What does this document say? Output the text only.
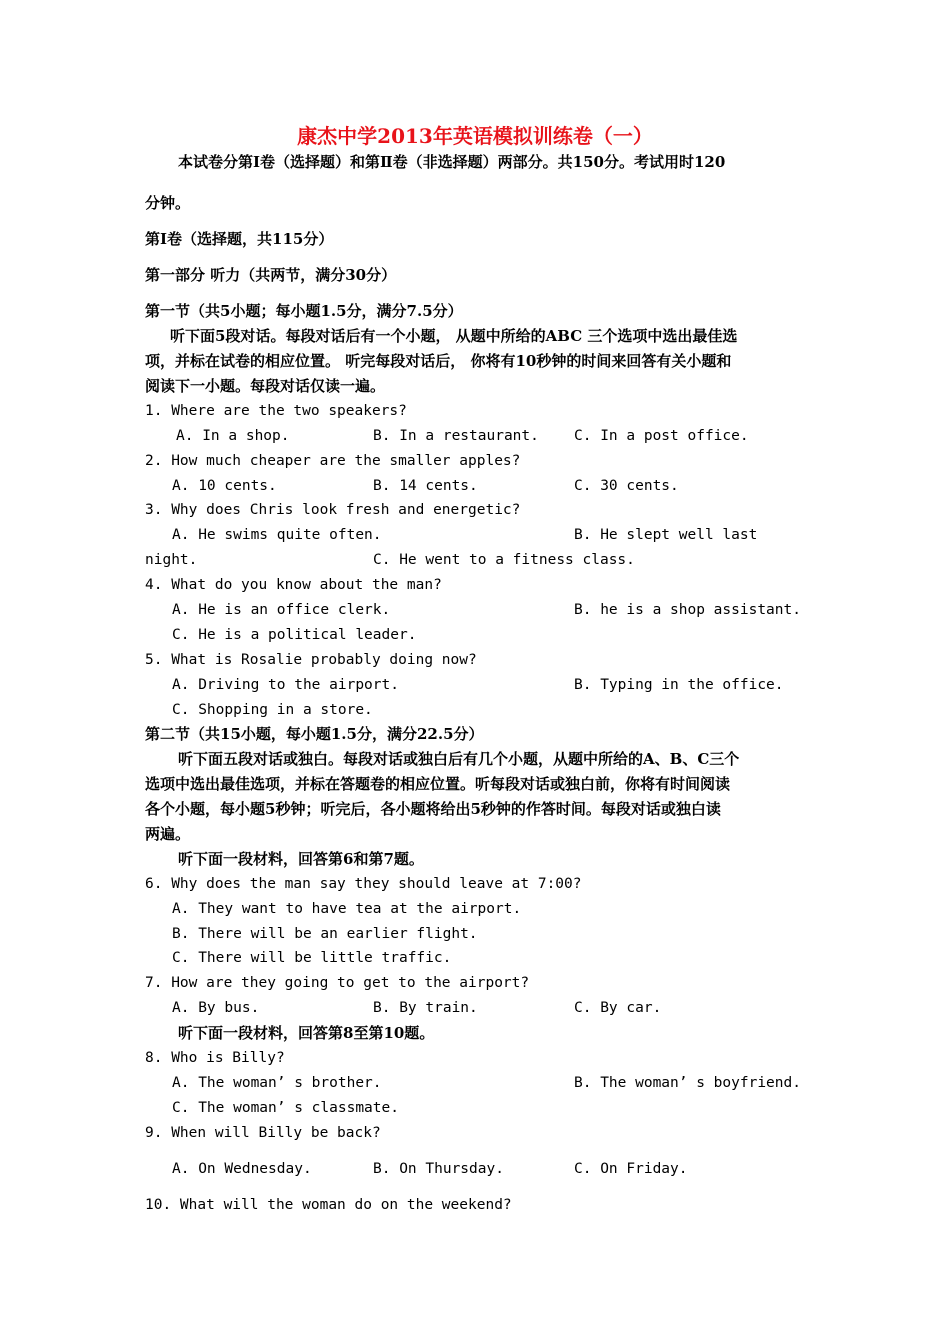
康杰中学2013年英语模拟训练卷（一）
本试卷分第Ⅰ卷（选择题）和第Ⅱ卷（非选择题）两部分。共150分。考试用时120
分钟。
第Ⅰ卷（选择题，共115分）
第一部分 听力（共两节，满分30分）
第一节（共5小题；每小题1.5分，满分7.5分）
听下面5段对话。每段对话后有一个小题， 从题中所给的ABC 三个选项中选出最佳选
项，并标在试卷的相应位置。 听完每段对话后， 你将有10秒钟的时间来回答有关小题和
阅读下一小题。每段对话仅读一遍。
1. Where are the two speakers?
A. In a shop.	B. In a restaurant. C. In a post office.
2. How much cheaper are the smaller apples?
A. 10 cents.	B. 14 cents.	C. 30 cents.
3. Why does Chris look fresh and energetic?
A. He swims quite often.	B. He slept well last
night.	C. He went to a fitness class.
4. What do you know about the man?
A. He is an office clerk.	B. he is a shop assistant.
C. He is a political leader.
5. What is Rosalie probably doing now?
A. Driving to the airport.	B. Typing in the office.
C. Shopping in a store.
第二节（共15小题，每小题1.5分，满分22.5分）
听下面五段对话或独白。每段对话或独白后有几个小题，从题中所给的A、B、C三个
选项中选出最佳选项，并标在答题卷的相应位置。听每段对话或独白前，你将有时间阅读
各个小题，每小题5秒钟；听完后，各小题将给出5秒钟的作答时间。每段对话或独白读
两遍。
听下面一段材料，回答第6和第7题。
6. Why does the man say they should leave at 7:00?
A. They want to have tea at the airport.
B. There will be an earlier flight.
C. There will be little traffic.
7. How are they going to get to the airport?
A. By bus.	B. By train.	C. By car.
听下面一段材料，回答第8至第10题。
8. Who is Billy?
A. The woman’ s brother.	B. The woman’ s boyfriend.
C. The woman’ s classmate.
9. When will Billy be back?
A. On Wednesday.	B. On Thursday.	C. On Friday.
10. What will the woman do on the weekend?
